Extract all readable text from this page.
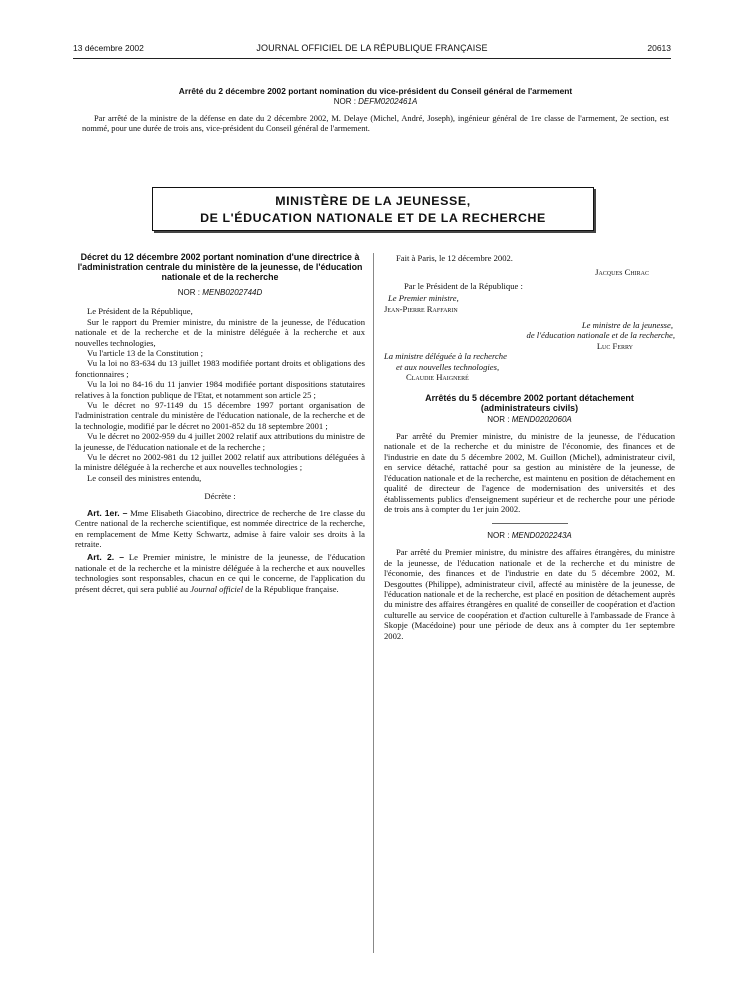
13 décembre 2002	JOURNAL OFFICIEL DE LA RÉPUBLIQUE FRANÇAISE	20613
Arrêté du 2 décembre 2002 portant nomination du vice-président du Conseil général de l'armement
NOR : DEFM0202461A

Par arrêté de la ministre de la défense en date du 2 décembre 2002, M. Delaye (Michel, André, Joseph), ingénieur général de 1re classe de l'armement, 2e section, est nommé, pour une durée de trois ans, vice-président du Conseil général de l'armement.

MINISTÈRE DE LA JEUNESSE,
DE L'ÉDUCATION NATIONALE ET DE LA RECHERCHE
Décret du 12 décembre 2002 portant nomination d'une directrice à l'administration centrale du ministère de la jeunesse, de l'éducation nationale et de la recherche
NOR : MENB0202744D

Le Président de la République,

Sur le rapport du Premier ministre, du ministre de la jeunesse, de l'éducation nationale et de la recherche et de la ministre déléguée à la recherche et aux nouvelles technologies,

Vu l'article 13 de la Constitution ;

Vu la loi no 83-634 du 13 juillet 1983 modifiée portant droits et obligations des fonctionnaires ;

Vu la loi no 84-16 du 11 janvier 1984 modifiée portant dispositions statutaires relatives à la fonction publique de l'Etat, et notamment son article 25 ;

Vu le décret no 97-1149 du 15 décembre 1997 portant organisation de l'administration centrale du ministère de l'éducation nationale, de la recherche et de la technologie, modifié par le décret no 2001-852 du 18 septembre 2001 ;

Vu le décret no 2002-959 du 4 juillet 2002 relatif aux attributions du ministre de la jeunesse, de l'éducation nationale et de la recherche ;

Vu le décret no 2002-981 du 12 juillet 2002 relatif aux attributions déléguées à la ministre déléguée à la recherche et aux nouvelles technologies ;

Le conseil des ministres entendu,

Décrète :

Art. 1er. – Mme Elisabeth Giacobino, directrice de recherche de 1re classe du Centre national de la recherche scientifique, est nommée directrice de la recherche, en remplacement de Mme Ketty Schwartz, admise à faire valoir ses droits à la retraite.

Art. 2. – Le Premier ministre, le ministre de la jeunesse, de l'éducation nationale et de la recherche et la ministre déléguée à la recherche et aux nouvelles technologies sont responsables, chacun en ce qui le concerne, de l'application du présent décret, qui sera publié au Journal officiel de la République française.

Fait à Paris, le 12 décembre 2002.

Jacques Chirac

Par le Président de la République :

Le Premier ministre,

Jean-Pierre Raffarin

Le ministre de la jeunesse,

de l'éducation nationale et de la recherche,

Luc Ferry

La ministre déléguée à la recherche

et aux nouvelles technologies,

Claudie Haigneré

Arrêtés du 5 décembre 2002 portant détachement (administrateurs civils)
NOR : MEND0202060A

Par arrêté du Premier ministre, du ministre de la jeunesse, de l'éducation nationale et de la recherche et du ministre de l'économie, des finances et de l'industrie en date du 5 décembre 2002, M. Guillon (Michel), administrateur civil, en service détaché, rattaché pour sa gestion au ministère de la jeunesse, de l'éducation nationale et de la recherche, est maintenu en position de détachement en qualité de directeur de l'agence de modernisation des universités et des établissements publics d'enseignement supérieur et de recherche pour une période de trois ans à compter du 1er juin 2002.

NOR : MEND0202243A

Par arrêté du Premier ministre, du ministre des affaires étrangères, du ministre de la jeunesse, de l'éducation nationale et de la recherche et du ministre de l'économie, des finances et de l'industrie en date du 5 décembre 2002, M. Desgouttes (Philippe), administrateur civil, affecté au ministère de la jeunesse, de l'éducation nationale et de la recherche, est placé en position de détachement auprès du ministre des affaires étrangères en qualité de conseiller de coopération et d'action culturelle au service de coopération et d'action culturelle à l'ambassade de France à Skopje (Macédoine) pour une période de deux ans à compter du 1er septembre 2002.
